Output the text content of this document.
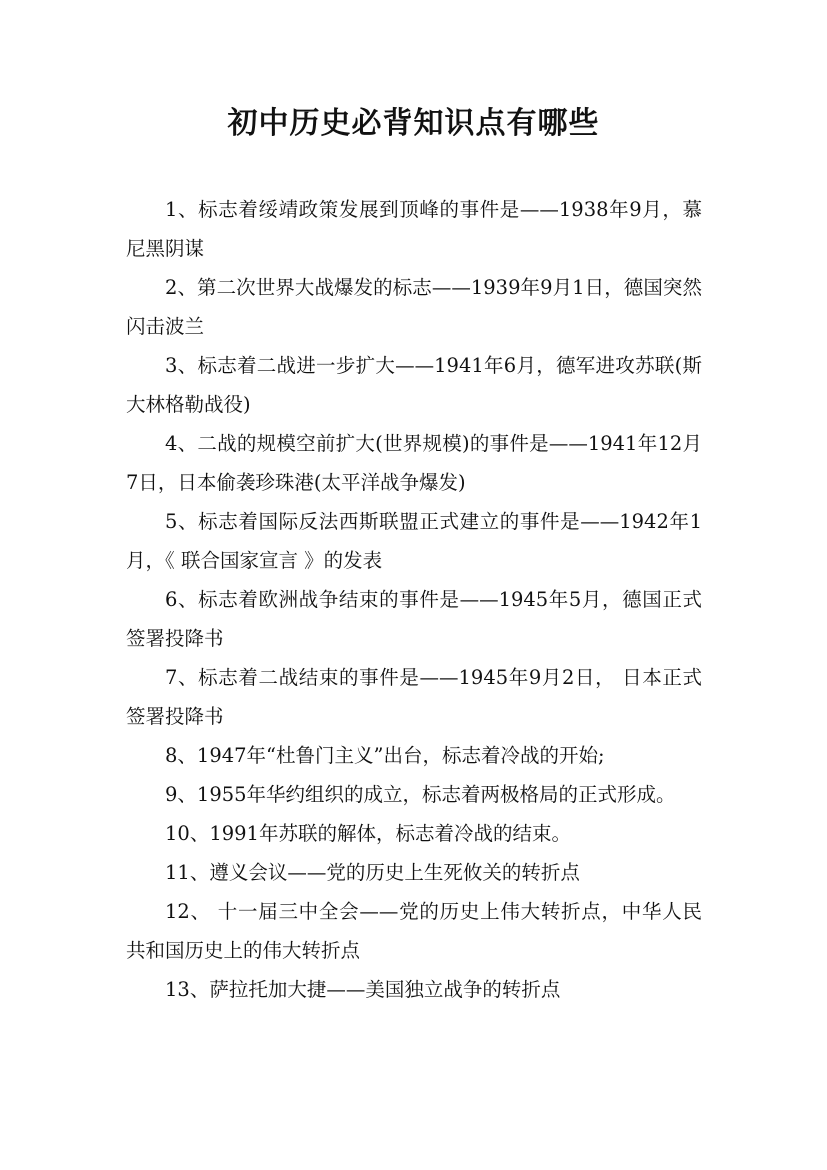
初中历史必背知识点有哪些

1、标志着绥靖政策发展到顶峰的事件是——1938年9月，慕尼黑阴谋

2、第二次世界大战爆发的标志——1939年9月1日，德国突然闪击波兰

3、标志着二战进一步扩大——1941年6月，德军进攻苏联(斯大林格勒战役)

4、二战的规模空前扩大(世界规模)的事件是——1941年12月7日，日本偷袭珍珠港(太平洋战争爆发)

5、标志着国际反法西斯联盟正式建立的事件是——1942年1月，《 联合国家宣言 》的发表

6、标志着欧洲战争结束的事件是——1945年5月，德国正式签署投降书

7、标志着二战结束的事件是——1945年9月2日， 日本正式签署投降书

8、1947年“杜鲁门主义”出台，标志着冷战的开始;

9、1955年华约组织的成立，标志着两极格局的正式形成。

10、1991年苏联的解体，标志着冷战的结束。

11、遵义会议——党的历史上生死攸关的转折点

12、 十一届三中全会——党的历史上伟大转折点，中华人民共和国历史上的伟大转折点

13、萨拉托加大捷——美国独立战争的转折点
